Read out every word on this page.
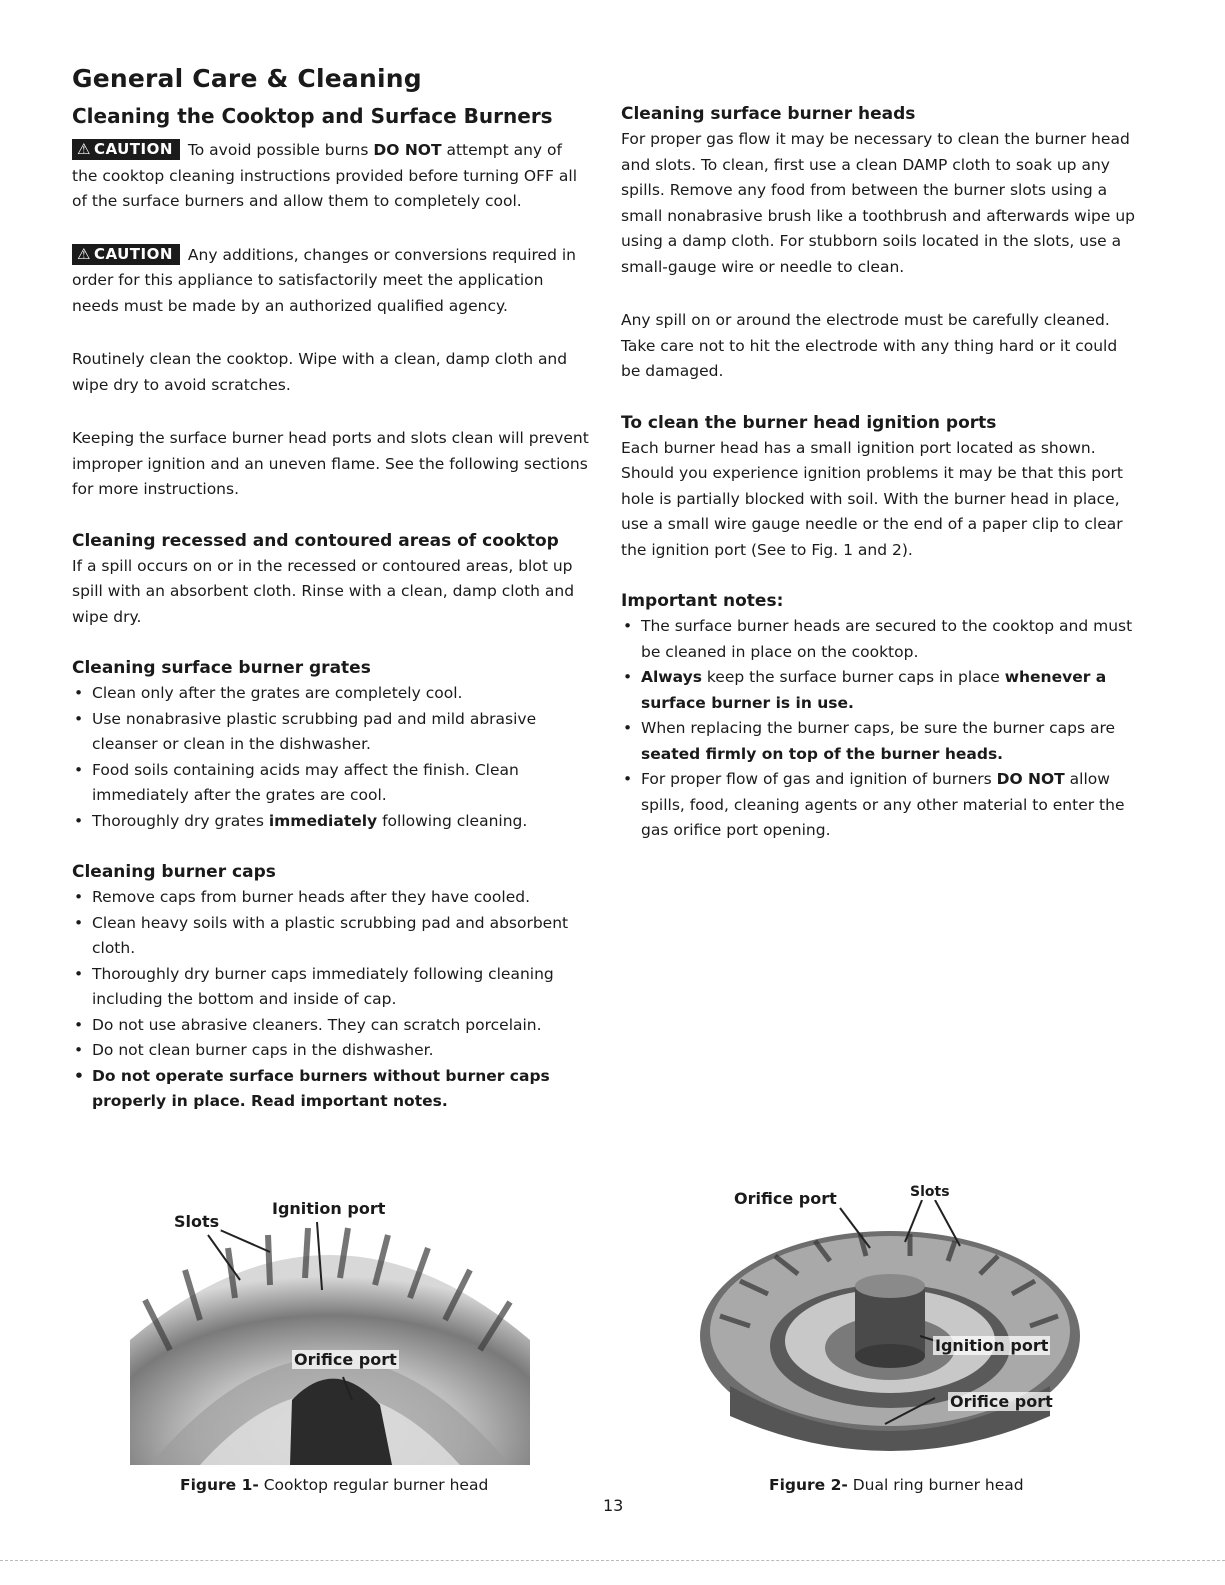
General Care & Cleaning
Cleaning the Cooktop and Surface Burners

⚠ CAUTION To avoid possible burns DO NOT attempt any of the cooktop cleaning instructions provided before turning OFF all of the surface burners and allow them to completely cool.

⚠ CAUTION Any additions, changes or conversions required in order for this appliance to satisfactorily meet the application needs must be made by an authorized qualified agency.

Routinely clean the cooktop. Wipe with a clean, damp cloth and wipe dry to avoid scratches.

Keeping the surface burner head ports and slots clean will prevent improper ignition and an uneven flame. See the following sections for more instructions.

Cleaning recessed and contoured areas of cooktop

If a spill occurs on or in the recessed or contoured areas, blot up spill with an absorbent cloth. Rinse with a clean, damp cloth and wipe dry.

Cleaning surface burner grates
• Clean only after the grates are completely cool.
• Use nonabrasive plastic scrubbing pad and mild abrasive cleanser or clean in the dishwasher.
• Food soils containing acids may affect the finish. Clean immediately after the grates are cool.
• Thoroughly dry grates immediately following cleaning.
Cleaning burner caps
• Remove caps from burner heads after they have cooled.
• Clean heavy soils with a plastic scrubbing pad and absorbent cloth.
• Thoroughly dry burner caps immediately following cleaning including the bottom and inside of cap.
• Do not use abrasive cleaners. They can scratch porcelain.
• Do not clean burner caps in the dishwasher.
• Do not operate surface burners without burner caps properly in place. Read important notes.
Cleaning surface burner heads

For proper gas flow it may be necessary to clean the burner head and slots. To clean, first use a clean DAMP cloth to soak up any spills. Remove any food from between the burner slots using a small nonabrasive brush like a toothbrush and afterwards wipe up using a damp cloth. For stubborn soils located in the slots, use a small-gauge wire or needle to clean.

Any spill on or around the electrode must be carefully cleaned. Take care not to hit the electrode with any thing hard or it could be damaged.

To clean the burner head ignition ports

Each burner head has a small ignition port located as shown. Should you experience ignition problems it may be that this port hole is partially blocked with soil. With the burner head in place, use a small wire gauge needle or the end of a paper clip to clear the ignition port (See to Fig. 1 and 2).

Important notes:
• The surface burner heads are secured to the cooktop and must be cleaned in place on the cooktop.
• Always keep the surface burner caps in place whenever a surface burner is in use.
• When replacing the burner caps, be sure the burner caps are seated firmly on top of the burner heads.
• For proper flow of gas and ignition of burners DO NOT allow spills, food, cleaning agents or any other material to enter the gas orifice port opening.
Slots
Ignition port
Orifice port
Figure 1- Cooktop regular burner head
Orifice port	Slots
Ignition port
Orifice port
Figure 2- Dual ring burner head
13
